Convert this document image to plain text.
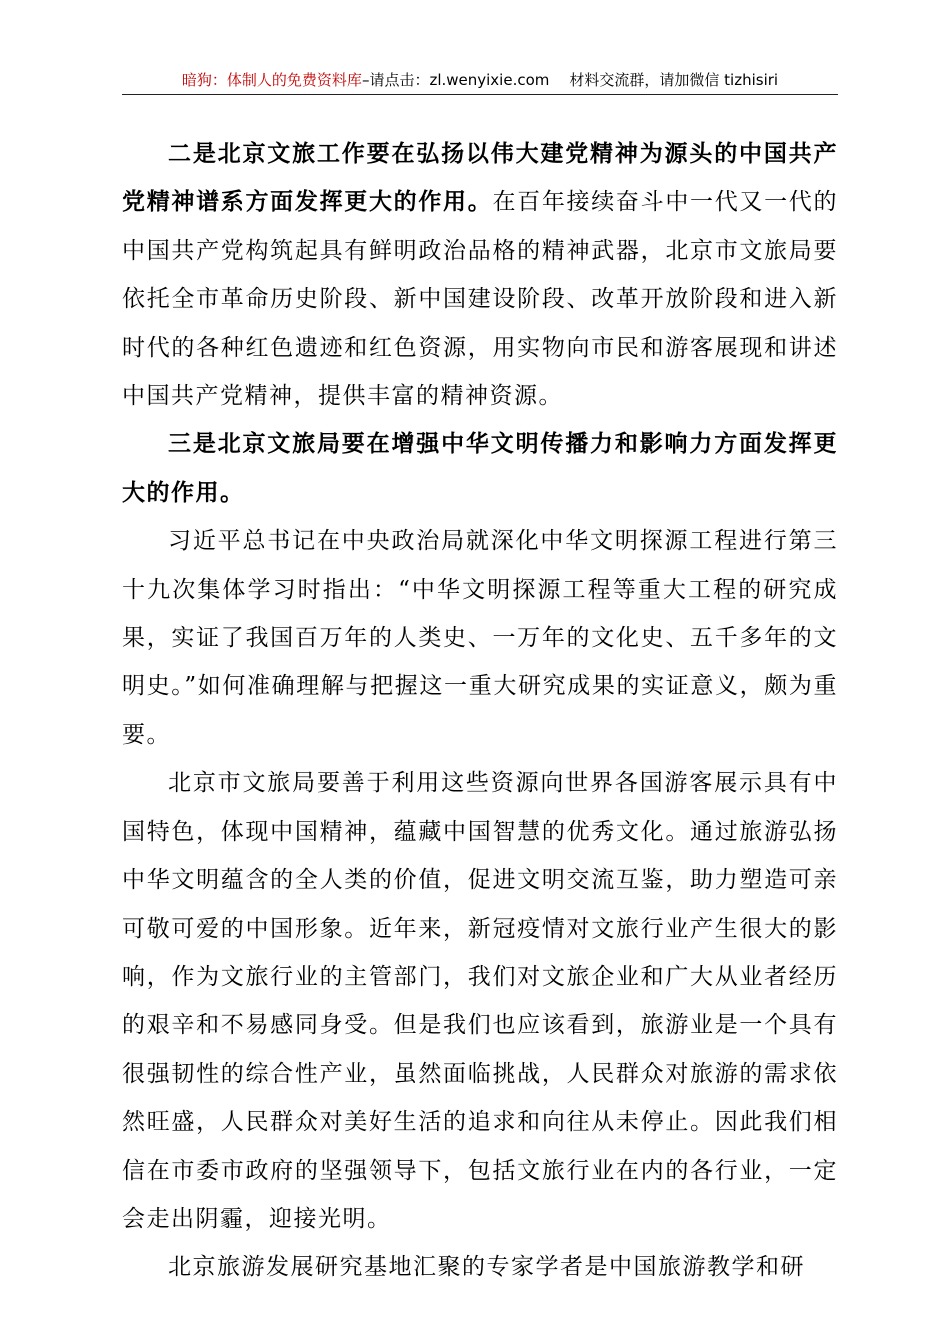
暗狗：体制人的免费资料库–请点击：zl.wenyixie.com 材料交流群，请加微信 tizhisiri

二是北京文旅工作要在弘扬以伟大建党精神为源头的中国共产党精神谱系方面发挥更大的作用。在百年接续奋斗中一代又一代的中国共产党构筑起具有鲜明政治品格的精神武器，北京市文旅局要依托全市革命历史阶段、新中国建设阶段、改革开放阶段和进入新时代的各种红色遗迹和红色资源，用实物向市民和游客展现和讲述中国共产党精神，提供丰富的精神资源。

三是北京文旅局要在增强中华文明传播力和影响力方面发挥更大的作用。

习近平总书记在中央政治局就深化中华文明探源工程进行第三十九次集体学习时指出：“中华文明探源工程等重大工程的研究成果，实证了我国百万年的人类史、一万年的文化史、五千多年的文明史。”如何准确理解与把握这一重大研究成果的实证意义，颇为重要。

北京市文旅局要善于利用这些资源向世界各国游客展示具有中国特色，体现中国精神，蕴藏中国智慧的优秀文化。通过旅游弘扬中华文明蕴含的全人类的价值，促进文明交流互鉴，助力塑造可亲可敬可爱的中国形象。近年来，新冠疫情对文旅行业产生很大的影响，作为文旅行业的主管部门，我们对文旅企业和广大从业者经历的艰辛和不易感同身受。但是我们也应该看到，旅游业是一个具有很强韧性的综合性产业，虽然面临挑战，人民群众对旅游的需求依然旺盛，人民群众对美好生活的追求和向往从未停止。因此我们相信在市委市政府的坚强领导下，包括文旅行业在内的各行业，一定会走出阴霾，迎接光明。

北京旅游发展研究基地汇聚的专家学者是中国旅游教学和研
